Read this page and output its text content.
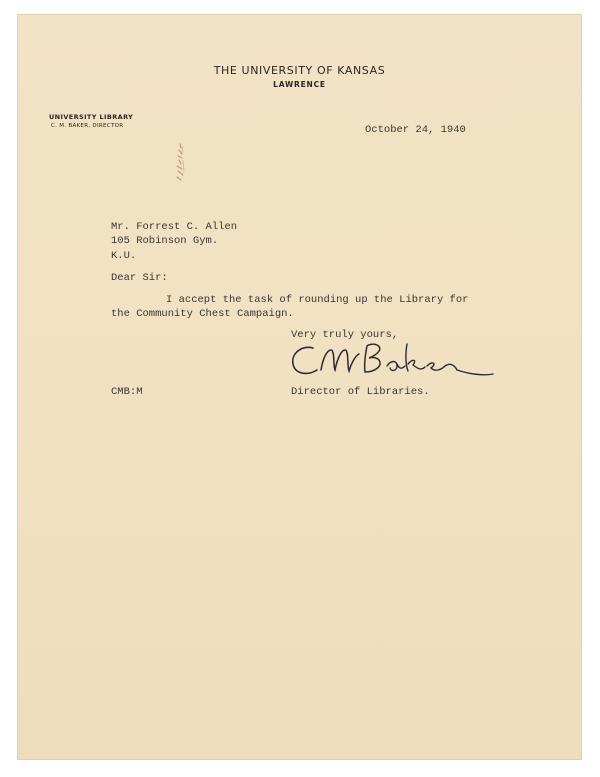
THE UNIVERSITY OF KANSAS
LAWRENCE
UNIVERSITY LIBRARY
C. M. BAKER, DIRECTOR	October 24, 1940
Mr. Forrest C. Allen
105 Robinson Gym.
K.U.
Dear Sir:
I accept the task of rounding up the Library for
the Community Chest Campaign.
Very truly yours,
CMB:M	Director of Libraries.
